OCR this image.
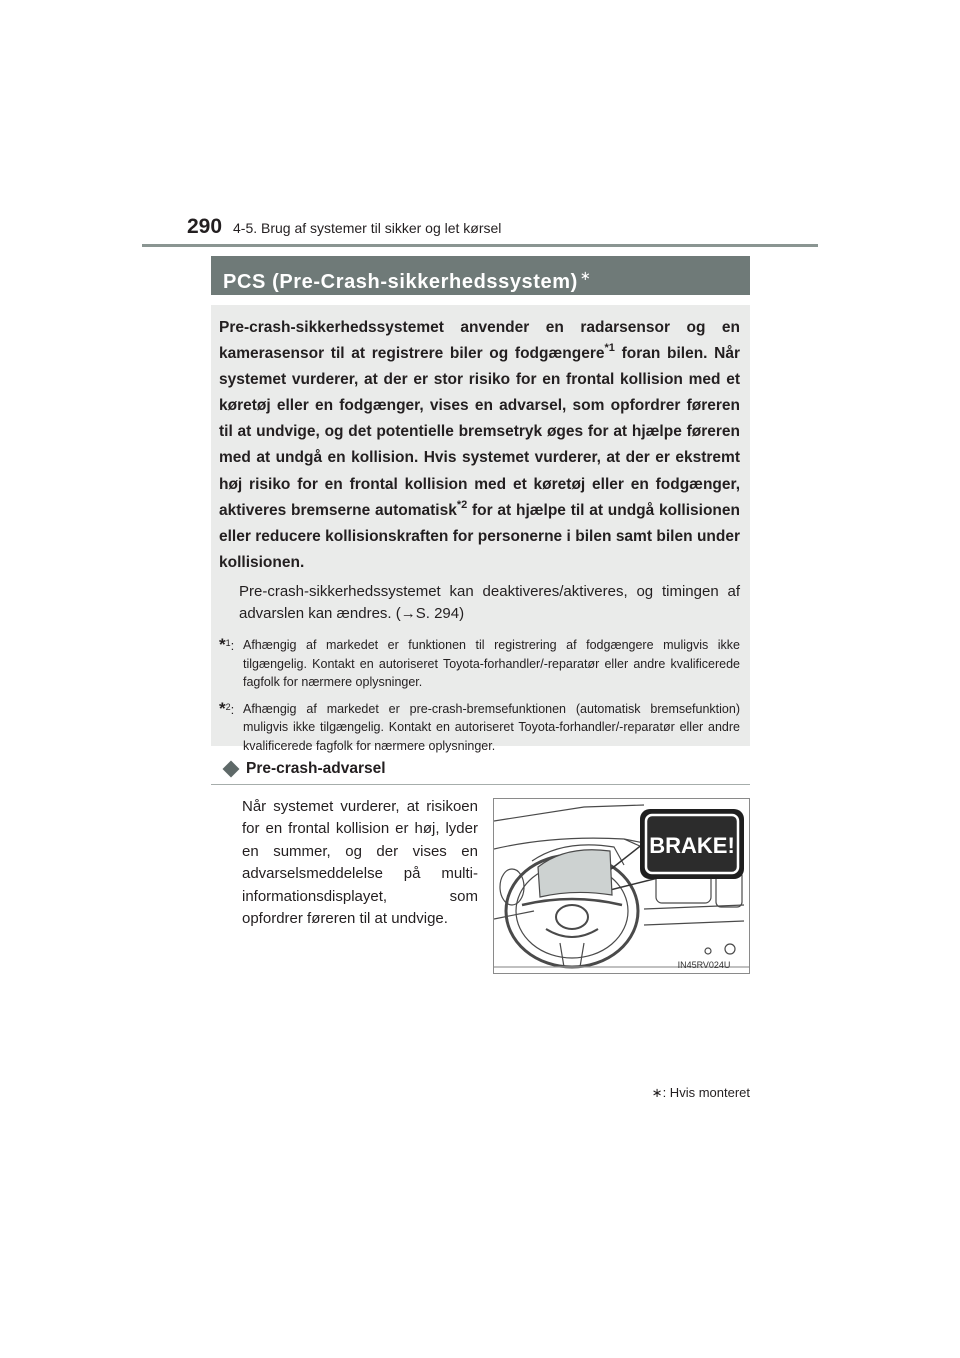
290 4-5. Brug af systemer til sikker og let kørsel
PCS (Pre-Crash-sikkerhedssystem) ∗

Pre-crash-sikkerhedssystemet anvender en radarsensor og en kamerasensor til at registrere biler og fodgængere$^{*1}$ foran bilen. Når systemet vurderer, at der er stor risiko for en frontal kollision med et køretøj eller en fodgænger, vises en advarsel, som opfordrer føreren til at undvige, og det potentielle bremsetryk øges for at hjælpe føreren med at undgå en kollision. Hvis systemet vurderer, at der er ekstremt høj risiko for en frontal kollision med et køretøj eller en fodgænger, aktiveres bremserne automatisk$^{*2}$ for at hjælpe til at undgå kollisionen eller reducere kollisionskraften for personerne i bilen samt bilen under kollisionen.

Pre-crash-sikkerhedssystemet kan deaktiveres/aktiveres, og timingen af advarslen kan ændres. (→S. 294)

*$^1$: Afhængig af markedet er funktionen til registrering af fodgængere muligvis ikke tilgængelig. Kontakt en autoriseret Toyota-forhandler/-reparatør eller andre kvalificerede fagfolk for nærmere oplysninger.

*$^2$: Afhængig af markedet er pre-crash-bremsefunktionen (automatisk bremsefunktion) muligvis ikke tilgængelig. Kontakt en autoriseret Toyota-forhandler/-reparatør eller andre kvalificerede fagfolk for nærmere oplysninger.

Pre-crash-advarsel

Når systemet vurderer, at risikoen for en frontal kollision er høj, lyder en summer, og der vises en advarselsmeddelelse på multi-informationsdisplayet, som opfordrer føreren til at undvige.

BRAKE!
IN45RV024U
∗: Hvis monteret
